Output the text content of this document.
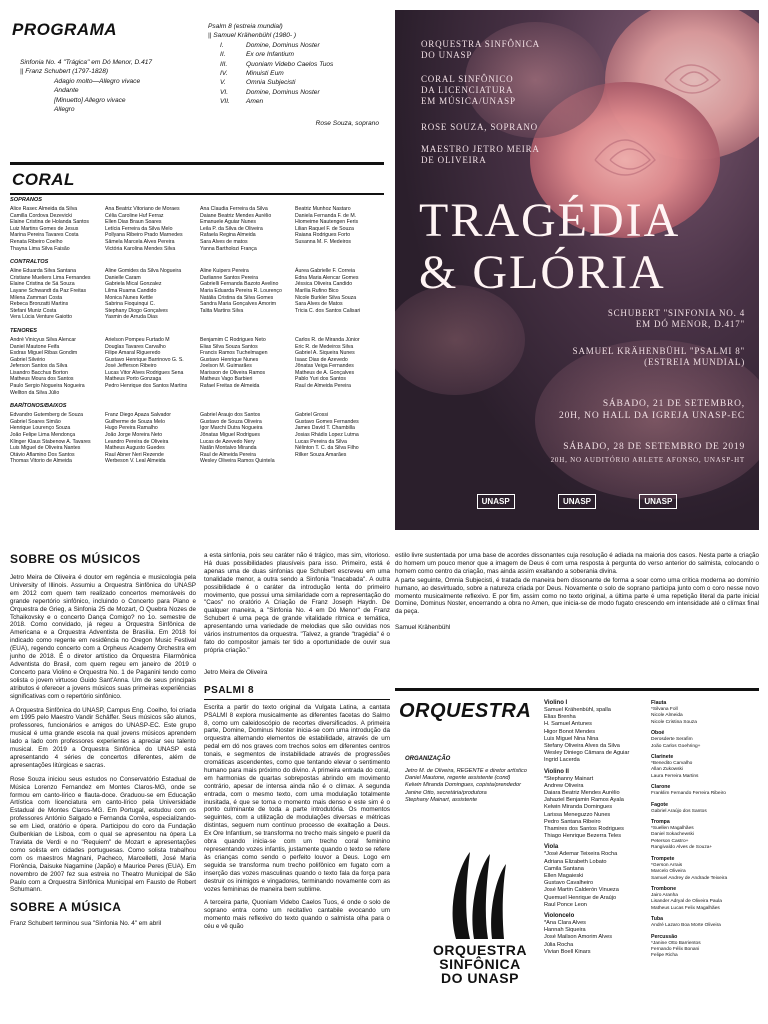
PROGRAMA
Sinfonia No. 4 "Trágica" em Dó Menor, D.417
|| Franz Schubert (1797-1828)
Adagio molto—Allegro vivace
Andante
[Minuetto] Allegro vivace
Allegro
Psalm 8 (estreia mundial)
|| Samuel Krähenbühl (1980- )
I.	Domine, Dominus Noster
II.	Ex ore Infantium
III.	Quoniam Videbo Caelos Tuos
IV.	Minuisti Eum
V.	Omnia Subjecisti
VI.	Domine, Dominus Noster
VII.	Amen
Rose Souza, soprano
CORAL
SOPRANOS
Alice Rasec Almeida da Silva
Camilla Cordova Dezevicki
Elaine Cristina de Holanda Santos
Luiz Martins Gomes de Jesus
Marina Pereira Tavares Costa
Renata Ribeiro Coelho
Thayna Lima Silva Faisão
Ana Beatriz Vitoriano de Moraes
Célia Caroline Huf Ferraz
Ellen Dias Braun Soares
Letícia Ferreira da Silva Melo
Pollyana Ribeiro Prado Marnedes
Sâmela Marcela Alves Pereira
Victória Karolina Mendes Silva
Ana Claudia Ferreira da Silva
Daiane Beatriz Mendes Aurélio
Emanuele Aguiar Nunes
Leila P. da Silva de Oliveira
Rafaela Regina Almeida
Sara Alves de matos
Yanna Bartholozi França
Beatriz Munhoz Nastaro
Daniela Fernanda F. de M.
Hiomeime Nautengen Feris
Lilian Raquel F. de Souza
Raiana Rodrigues Forto
Susanna M. F. Medeiros
CONTRALTOS
Aline Eduarda Silva Santana
Cristiane Mueliers Lima Fernandes
Elaine Cristina de Sá Souza
Layane Schwandt da Paz Freitas
Milena Zammari Costa
Rebeca Bronzatti Martins
Stefani Muniz Costa
Vera Lúcia Venture Gaiotto
Aline Gomides da Silva Nogueira
Danielle Caram
Gabriela Mical Gonzalez
Lilma Ruama Candido
Monica Nunes Kettle
Sabrina Fioquinqui C.
Stephany Diogo Gonçalves
Yasmin de Arruda Dias
Aline Kuipers Pereira
Darlianne Santos Pereira
Gabrielli Fernanda Bazoto Avelino
Maria Eduarda Pereira R. Lourenço
Natália Cristina da Silva Gomes
Sandra Maria Gonçalves Amorim
Talita Martins Silva
Áurea Gabrielle F. Correia
Edna Maria Alencar Gomes
Jéssica Oliveira Candido
Marília Rufino Bico
Nicole Burkler Silva Souza
Sara Alves de Matos
Tricia C. dos Santos Calisari
TENORES
André Vinicyus Silva Alencar
Daniel Mautone Feifa
Esdras Miguel Ribas Gondim
Gabriel Silvério
Jeferson Santos da Silva
Lisandro Bacchus Borton
Matheus Moura dos Santos
Paulo Sergio Nogueira Nogueira
Wellton da Silva Júlio
Arielson Pompeu Furtado M
Douglas Tavares Carvalho
Filipe Amaral Rigueredo
Gustavo Henrique Barrinovo G. S.
José Jefferson Ribeiro
Lucas Vitor Alves Rodrigues Sena
Matheus Porto Gonzaga
Pedro Henrique dos Santos Martins
Benjamim C Rodrigues Neto
Elias Silva Souza Santos
Francis Ramos Tuchelmagen
Gustavo Henrique Nunes
Joelson M. Guimarães
Marisson de Oliveira Ramos
Matheus Vago Barbieri
Rafael Freitas de Almeida
Carlos R. de Miranda Júnior
Eric R. de Medeiros Silva
Gabriel A. Siqueira Nunes
Isaac Dias de Azevedo
Jônatas Veiga Fernandes
Matheus de A. Gonçalves
Pablo Yuri dos Santos
Raul de Almeida Pereira
BARÍTONOS/BAIXOS
Edvandro Gutemberg de Souza
Gabriel Soares Simão
Henrique Lourenço Souza
João Felipe Lima Mendonça
Klinger Klaus Stabenow A. Tavares
Luis Miguel de Oliveira Nantes
Otávio Aflamino Dos Santos
Thomas Vitorio de Almeida
Franz Diego Apaza Salvador
Guilherme de Souza Melo
Hugo Pereira Ramalho
João Jorge Moreira Neto
Leandro Pereira de Oliveira
Matheus Augusto Guedes
Raul Abner Neri Rezende
Werbeson V. Leal Almeida
Gabriel Araujo dos Santos
Gustavo de Souza Oliveira
Igor Marchi Dutra Nogueira
Jônatas Miguel Rodrigues
Lucas de Azevedo Nery
Natãn Montalvo Miranda
Raul de Almeida Pereira
Wesley Oliveira Ramos Quintela
Gabriel Grossi
Gustavo Gomes Fernandes
James David T. Chambilla
Josias Rhádis Lopez Lutma
Lucas Pereira da Silva
Nélinton T. C. da Silva Filho
Rilker Souza Amarães
ORQUESTRA SINFÔNICA
DO UNASP
CORAL SINFÔNICO
DA LICENCIATURA
EM MÚSICA/UNASP
ROSE SOUZA, SOPRANO
MAESTRO JETRO MEIRA
DE OLIVEIRA
TRAGÉDIA
& GLÓRIA
SCHUBERT "SINFONIA NO. 4
EM DÓ MENOR, D.417"
SAMUEL KRÄHENBÜHL "PSALMI 8"
(ESTREIA MUNDIAL)
SÁBADO, 21 DE SETEMBRO,
20H, NO HALL DA IGREJA UNASP-EC
SÁBADO, 28 DE SETEMBRO DE 2019
20H, NO AUDITÓRIO ARLETE AFONSO, UNASP-HT
UNASP	UNASP	UNASP
SOBRE OS MÚSICOS

Jetro Meira de Oliveira é doutor em regência e musicologia pela University of Illinois. Assumiu a Orquestra Sinfônica do UNASP em 2012 com quem tem realizado concertos memoráveis do grande repertório sinfônico, incluindo o Concerto para Piano e Orquestra de Grieg, a Sinfonia 25 de Mozart, O Quebra Nozes de Tchaikovsky e o concerto Dança Comigo? no 1o. semestre de 2018. Como convidado, já regeu a Orquestra Sinfônica de Americana e a Orquestra Adventista de Brasília. Em 2018 foi indicado como regente em residência no Oregon Music Festival (EUA), regendo concerto com a Orpheus Academy Orchestra em junho de 2018. É o diretor artístico da Orquestra Filarmônica Adventista do Brasil, com quem regeu em janeiro de 2019 o Concerto para Violino e Orquestra No. 1 de Paganini tendo como solista o jovem virtuoso Guido Sant'Anna. Um de seus principais atributos é oferecer a jovens músicos suas primeiras experiências significativas com o repertório sinfônico.

A Orquestra Sinfônica do UNASP, Campus Eng. Coelho, foi criada em 1995 pelo Maestro Vandir Schäffer. Seus músicos são alunos, professores, funcionários e amigos do UNASP-EC. Este grupo musical é uma grande escola na qual jovens músicos aprendem lado a lado com professores experientes a apreciar seu talento musical. Em 2019 a Orquestra Sinfônica do UNASP está apresentando 4 séries de concertos diferentes, além de apresentações litúrgicas e sacras.

Rose Souza iniciou seus estudos no Conservatório Estadual de Música Lorenzo Fernandez em Montes Claros-MG, onde se formou em canto-lírico e flauta-doce. Graduou-se em Educação Artística com licenciatura em canto-lírico pela Universidade Estadual de Montes Claros-MG. Em Portugal, estudou com os professores António Salgado e Fernanda Corrêa, especializando-se em Lied, oratório e ópera. Participou do coro da Fundação Gulbenkian de Lisboa, com o qual se apresentou na ópera La Traviata de Verdi e no "Requiem" de Mozart e apresentações como solista em cidades portuguesas. Como solista trabalhou com os maestros Magnani, Pacheco, Marcelletti, José Maria Florência, Daisuke Nagamine (Japão) e Maurice Peres (EUA). Em novembro de 2007 fez sua estreia no Theatro Municipal de São Paulo com a Orquestra Sinfônica Municipal em Fausto de Robert Schumann.

SOBRE A MÚSICA
Franz Schubert terminou sua "Sinfonia No. 4" em abril
a esta sinfonia, pois seu caráter não é trágico, mas sim, vitorioso. Há duas possibilidades plausíveis para isso. Primeiro, está é apenas uma de duas sinfonias que Schubert escreveu em uma tonalidade menor, a outra sendo a Sinfonia "Inacabada". A outra possibilidade é o caráter da introdução lenta do primeiro movimento, que possui uma similaridade com a representação do "Caos" no oratório A Criação de Franz Joseph Haydn. De qualquer maneira, a "Sinfonia No. 4 em Dó Menor" de Franz Schubert é uma peça de grande vitalidade rítmica e temática, apresentando uma variedade de melodias que são ouvidas nos vários instrumentos da orquestra. "Talvez, a grande "tragédia" é o fato do compositor jamais ter tido a oportunidade de ouvir sua própria criação."
Jetro Meira de Oliveira
PSALMI 8

Escrita a partir do texto original da Vulgata Latina, a cantata PSALMI 8 explora musicalmente as diferentes facetas do Salmo 8, como um caleidoscópio de recortes diversificados. A primeira parte, Domine, Dominus Noster inicia-se com uma introdução da orquestra alternando elementos de estabilidade, através de um pedal em dó nos graves com trechos solos em diferentes centros tonais, e segmentos de instabilidade através de progressões cromáticas ascendentes, como que tentando elevar o sentimento humano para mais próximo do divino. A primeira entrada do coral, em harmonias de quartas sobrepostas abrindo em movimento contrário, apesar de intensa ainda não é o clímax. A segunda entrada, com o mesmo texto, com uma modulação totalmente inusitada, é que se torna o momento mais denso e este sim é o ponto culminante de toda a parte introdutória. Os momentos seguintes, com a utilização de modulações diversas e métricas distintas, seguem num contínuo processo de exaltação a Deus. Ex Ore Infantium, se transforma no trecho mais singelo e pueril da obra quando inicia-se com um trecho coral feminino representando vozes infantis, justamente quando o texto se refere às crianças como sendo o perfeito louvor a Deus. Logo em seguida se transforma num trecho polifônico em fugato com a inserção das vozes masculinas quando o texto fala da força para destruir os inimigos e vingadores, terminando novamente com as vozes femininas de maneira bem sublime.

A terceira parte, Quoniam Videbo Caelos Tuos, é onde o solo de soprano entra como um recitativo cantabile evocando um momento mais reflexivo do texto quando o salmista olha para o céu e vê quão

estilo livre sustentada por uma base de acordes dissonantes cuja resolução é adiada na maioria dos casos. Nesta parte a criação do homem um pouco menor que a imagem de Deus é com uma resposta à pergunta do verso anterior do salmista, colocando o homem como centro da criação, mas ainda assim exaltando a soberania divina.

A parte seguinte, Omnia Subjecisti, é tratada de maneira bem dissonante de forma a soar como uma crítica moderna ao domínio humano, ao desvirtuado, sobre a natureza criada por Deus. Novamente o solo de soprano participa junto com o coro nesse novo momento musicalmente reflexivo. E por fim, assim como no texto original, a última parte é uma repetição literal da parte inicial Domine, Dominus Noster, encerrando a obra no Amen, que inicia-se de modo fugato crescendo em intensidade até o clímax final da peça.

Samuel Krähenbühl
ORQUESTRA
ORGANIZAÇÃO
Jetro M. de Oliveira, REGENTE e diretor artístico
Daniel Mautone, regente assistente (cond)
Kelwin Miranda Domingues, copista/prendedor
Janine Otto, secretária/produtora
Stephany Mainart, assistente
ORQUESTRA
SINFÔNICA
DO UNASP
Violino I
Samuel Krähenbühl, spalla
Elias Brenha
H. Samuel Antunes
Higor Bonot Mendes
Luis Miguel Nina Nina
Stefany Oliveira Alves da Silva
Wesley Diniego Câmara de Aguiar
Ingrid Lacerda
Violino II
*Stephanny Mainart
Andrew Oliveira
Daiara Beatriz Mendes Aurélio
Jahaziel Benjamin Ramos Ayala
Kelwin Miranda Domingues
Larissa Meneguzzo Nunes
Pedro Santana Ribeiro
Thamires dos Santos Rodrigues
Thiago Henrique Bezerra Teles
Viola
*José Ademar Teixeira Rocha
Adriana Elizabeth Lobato
Camila Santana
Ellen Magaieski
Gustavo Cavalheiro
José Martin Calderón Vinueza
Quemuel Henrique de Araújo
Raul Ponce Leon
Violoncelo
*Ana Clara Alves
Hannah Siqueira
José Mailson Amorim Alves
Júlia Rocha
Vivian Boell Kinars
Flauta
*Silvana Foll
Nicole Almeida
Nicole Cristina Souza
Oboé
Derosderte Serafim
João Carlos Goehring+
Clarinete
*Benedito Carvalho
Allan Zukowski
Laura Ferreira Martins
Clarone
Franklim Fernando Ferreira Ribeiro
Fagote
Gabriel Araújo dos Santos
Trompa
*Suellen Magalhães
Daniel Sokachewski
Peterson Castro+
Rangivaldo Alves de Souza+
Trompete
*Gerson Arrais
Marcelo Oliveira
Samuel Andrey de Andrade Teixeira
Trombone
Jairo Aranha
Lisander Adryal de Oliveira Paula
Matheus Lucas Felix Magalhães
Tuba
André Lazaro Boa Morte Oliveira
Percussão
*Janine Otto Barrientos
Fernando Félix Bonani
Felipe Richa
